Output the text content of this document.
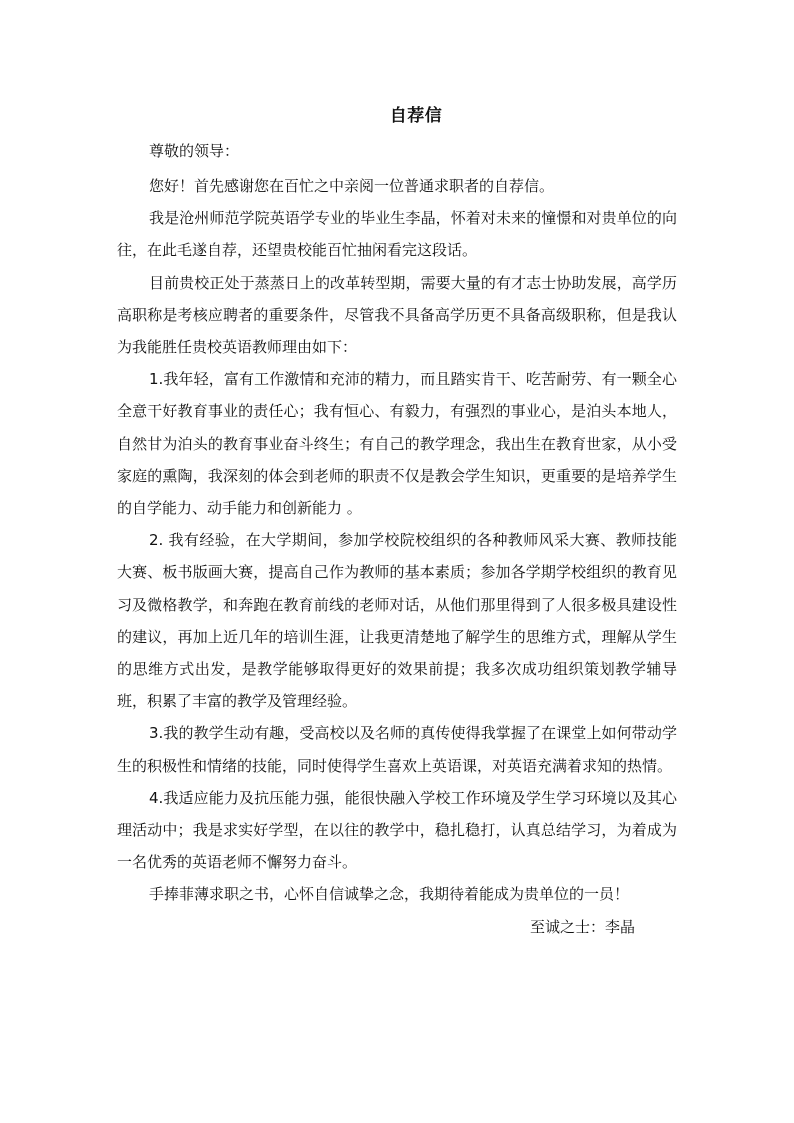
自荐信

尊敬的领导：

您好！首先感谢您在百忙之中亲阅一位普通求职者的自荐信。

我是沧州师范学院英语学专业的毕业生李晶，怀着对未来的憧憬和对贵单位的向往，在此毛遂自荐，还望贵校能百忙抽闲看完这段话。

目前贵校正处于蒸蒸日上的改革转型期，需要大量的有才志士协助发展，高学历高职称是考核应聘者的重要条件，尽管我不具备高学历更不具备高级职称，但是我认为我能胜任贵校英语教师理由如下：

1.我年轻，富有工作激情和充沛的精力，而且踏实肯干、吃苦耐劳、有一颗全心全意干好教育事业的责任心；我有恒心、有毅力，有强烈的事业心，是泊头本地人，自然甘为泊头的教育事业奋斗终生；有自己的教学理念，我出生在教育世家，从小受家庭的熏陶，我深刻的体会到老师的职责不仅是教会学生知识，更重要的是培养学生的自学能力、动手能力和创新能力 。

2. 我有经验，在大学期间，参加学校院校组织的各种教师风采大赛、教师技能大赛、板书版画大赛，提高自己作为教师的基本素质；参加各学期学校组织的教育见习及微格教学，和奔跑在教育前线的老师对话，从他们那里得到了人很多极具建设性的建议，再加上近几年的培训生涯，让我更清楚地了解学生的思维方式，理解从学生的思维方式出发，是教学能够取得更好的效果前提；我多次成功组织策划教学辅导班，积累了丰富的教学及管理经验。

3.我的教学生动有趣，受高校以及名师的真传使得我掌握了在课堂上如何带动学生的积极性和情绪的技能，同时使得学生喜欢上英语课，对英语充满着求知的热情。

4.我适应能力及抗压能力强，能很快融入学校工作环境及学生学习环境以及其心理活动中；我是求实好学型，在以往的教学中，稳扎稳打，认真总结学习，为着成为一名优秀的英语老师不懈努力奋斗。

手捧菲薄求职之书，心怀自信诚挚之念，我期待着能成为贵单位的一员！

至诚之士：李晶
